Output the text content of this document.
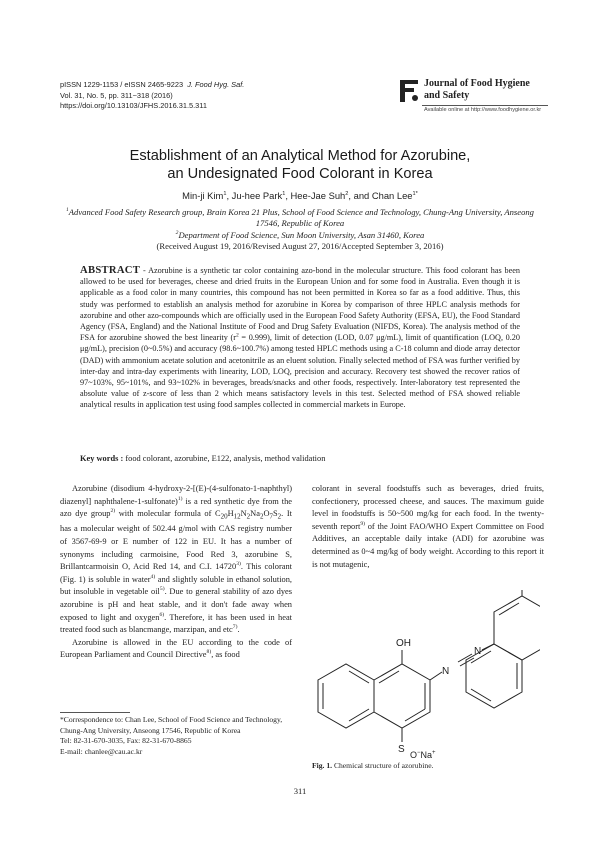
pISSN 1229-1153 / eISSN 2465-9223 J. Food Hyg. Saf.
Vol. 31, No. 5, pp. 311~318 (2016)
https://doi.org/10.13103/JFHS.2016.31.5.311
Journal of Food Hygiene
and Safety
Available online at http://www.foodhygiene.or.kr
Establishment of an Analytical Method for Azorubine,
an Undesignated Food Colorant in Korea
Min-ji Kim$^1$, Ju-hee Park$^1$, Hee-Jae Suh$^2$, and Chan Lee$^{1*}$
$^1$Advanced Food Safety Research group, Brain Korea 21 Plus, School of Food Science and Technology, Chung-Ang University, Anseong 17546, Republic of Korea
$^2$Department of Food Science, Sun Moon University, Asan 31460, Korea
(Received August 19, 2016/Revised August 27, 2016/Accepted September 3, 2016)
ABSTRACT - Azorubine is a synthetic tar color containing azo-bond in the molecular structure. This food colorant has been allowed to be used for beverages, cheese and dried fruits in the European Union and for some food in Australia. Even though it is applicable as a food color in many countries, this compound has not been permitted in Korea so far as a food additive. Thus, this study was performed to establish an analysis method for azorubine in Korea by comparison of three HPLC analysis methods for azorubine and other azo-compounds which are officially used in the European Food Safety Authority (EFSA, EU), the Food Standard Agency (FSA, England) and the National Institute of Food and Drug Safety Evaluation (NIFDS, Korea). The analysis method of the FSA for azorubine showed the best linearity $(r^2 = 0.999)$, limit of detection (LOD, 0.07 μg/mL), limit of quantification (LOQ, 0.20 μg/mL), precision (0~0.5%) and accuracy (98.6~100.7%) among tested HPLC methods using a C-18 column and diode array detector (DAD) with ammonium acetate solution and acetonitrile as an eluent solution. Finally selected method of FSA was further verified by inter-day and intra-day experiments with linearity, LOD, LOQ, precision and accuracy. Recovery test showed the recover ratios of 97~103%, 95~101%, and 93~102% in beverages, breads/snacks and other foods, respectively. Inter-laboratory test represented the absolute value of z-score of less than 2 which means satisfactory levels in this test. Selected method of FSA showed reliable analytical results in application test using food samples collected in commercial markets in Europe.
Key words : food colorant, azorubine, E122, analysis, method validation

Azorubine (disodium 4-hydroxy-2-[(E)-(4-sulfonato-1-naphthyl) diazenyl] naphthalene-1-sulfonate)$^{1)}$ is a red synthetic dye from the azo dye group$^{2)}$ with molecular formula of $C_{20}H_{12}N_2Na_2O_7S_2$. It has a molecular weight of 502.44 g/mol with CAS registry number of 3567-69-9 or E number of 122 in EU. It has a number of synonyms including carmoisine, Food Red 3, azorubine S, Brillantcarmoisin O, Acid Red 14, and C.I. 14720$^{3)}$. This colorant (Fig. 1) is soluble in water$^{4)}$ and slightly soluble in ethanol solution, but insoluble in vegetable oil$^{5)}$. Due to general stability of azo dyes azorubine is pH and heat stable, and it don't fade away when exposed to light and oxygen$^{6)}$. Therefore, it has been used in heat treated food such as blancmange, marzipan, and etc$^{7)}$.

Azorubine is allowed in the EU according to the code of European Parliament and Council Directive$^{8)}$, as food

colorant in several foodstuffs such as beverages, dried fruits, confectionery, processed cheese, and sauces. The maximum guide level in foodstuffs is 50~500 mg/kg for each food. In the twenty-seventh report$^{9)}$ of the Joint FAO/WHO Expert Committee on Food Additives, an acceptable daily intake (ADI) for azorubine was determined as 0~4 mg/kg of body weight. According to this report it is not mutagenic,

*Correspondence to: Chan Lee, School of Food Science and Technology, Chung-Ang University, Anseong 17546, Republic of Korea
Tel: 82-31-670-3035, Fax: 82-31-670-8865
E-mail: chanlee@cau.ac.kr
OH
N
N
S O−Na+
Fig. 1. Chemical structure of azorubine.
311
